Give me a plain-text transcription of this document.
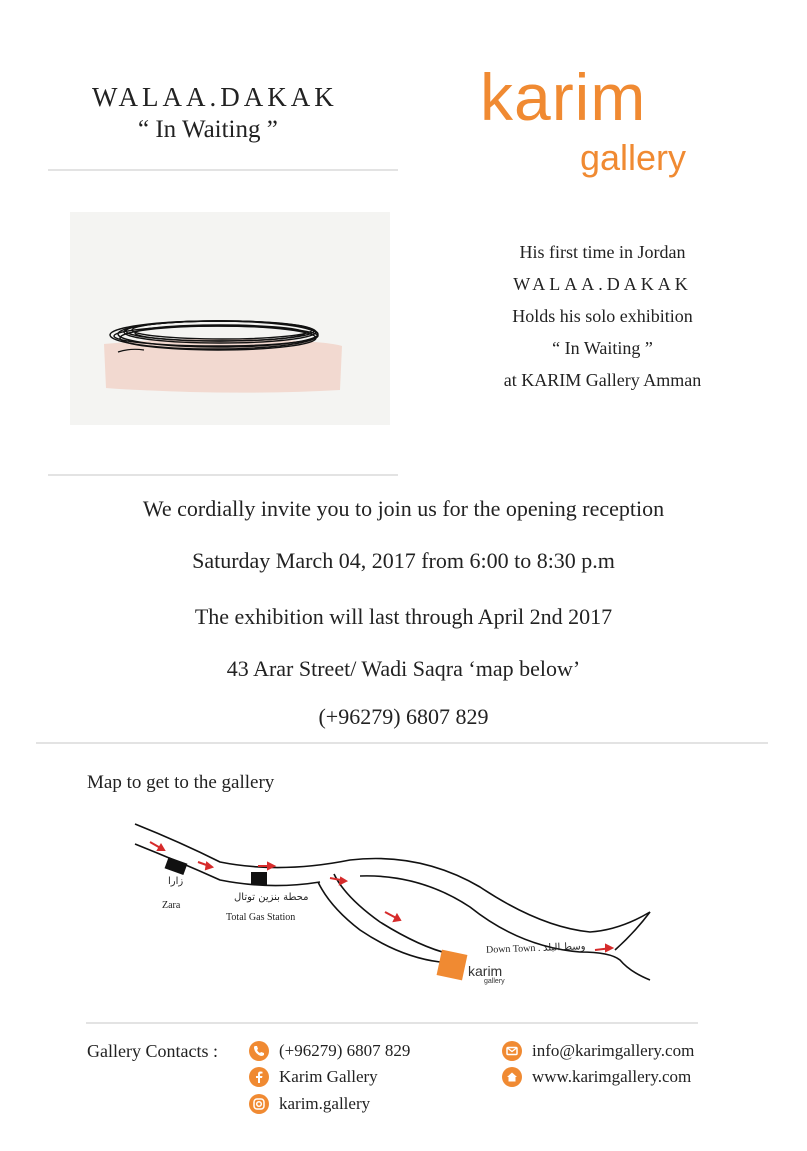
WALAA.DAKAK
“ In Waiting ”	karim
gallery
His first time in Jordan
WALAA.DAKAK
Holds his solo exhibition
“ In Waiting ”
at KARIM Gallery Amman
We cordially invite you to join us for the opening reception
Saturday March 04, 2017 from 6:00 to 8:30 p.m
The exhibition will last through April 2nd 2017
43 Arar Street/ Wadi Saqra ‘map below’
(+96279) 6807 829
Map to get to the gallery
زارا
Zara
محطة بنزين توتال
Total Gas Station
Down Town . وسط البلد
karim
gallery
Gallery Contacts :	(+96279) 6807 829
Karim Gallery
karim.gallery
info@karimgallery.com
www.karimgallery.com
